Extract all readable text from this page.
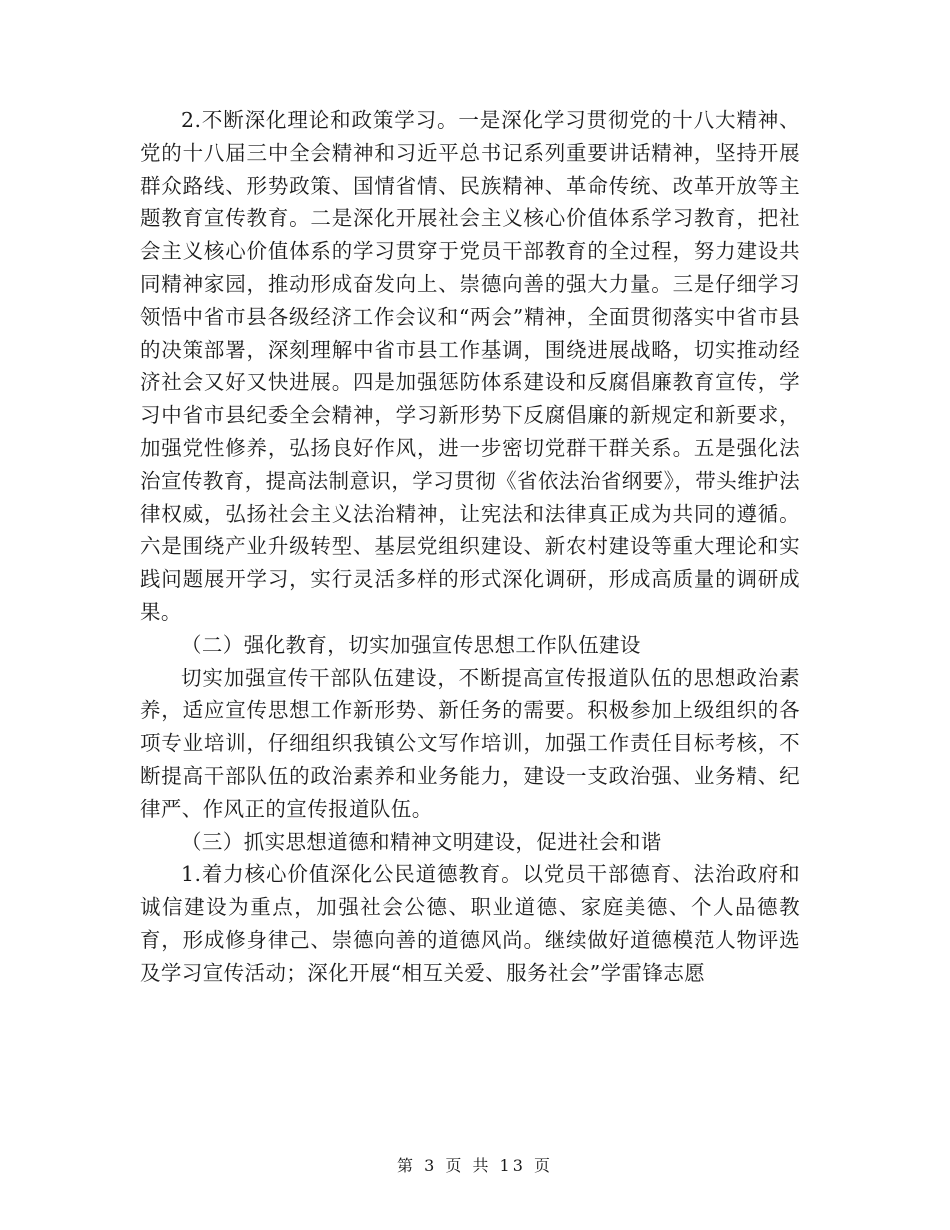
2.不断深化理论和政策学习。一是深化学习贯彻党的十八大精神、党的十八届三中全会精神和习近平总书记系列重要讲话精神，坚持开展群众路线、形势政策、国情省情、民族精神、革命传统、改革开放等主题教育宣传教育。二是深化开展社会主义核心价值体系学习教育，把社会主义核心价值体系的学习贯穿于党员干部教育的全过程，努力建设共同精神家园，推动形成奋发向上、崇德向善的强大力量。三是仔细学习领悟中省市县各级经济工作会议和“两会”精神，全面贯彻落实中省市县的决策部署，深刻理解中省市县工作基调，围绕进展战略，切实推动经济社会又好又快进展。四是加强惩防体系建设和反腐倡廉教育宣传，学习中省市县纪委全会精神，学习新形势下反腐倡廉的新规定和新要求，加强党性修养，弘扬良好作风，进一步密切党群干群关系。五是强化法治宣传教育，提高法制意识，学习贯彻《省依法治省纲要》，带头维护法律权威，弘扬社会主义法治精神，让宪法和法律真正成为共同的遵循。六是围绕产业升级转型、基层党组织建设、新农村建设等重大理论和实践问题展开学习，实行灵活多样的形式深化调研，形成高质量的调研成果。

（二）强化教育，切实加强宣传思想工作队伍建设

切实加强宣传干部队伍建设，不断提高宣传报道队伍的思想政治素养，适应宣传思想工作新形势、新任务的需要。积极参加上级组织的各项专业培训，仔细组织我镇公文写作培训，加强工作责任目标考核，不断提高干部队伍的政治素养和业务能力，建设一支政治强、业务精、纪律严、作风正的宣传报道队伍。

（三）抓实思想道德和精神文明建设，促进社会和谐

1.着力核心价值深化公民道德教育。以党员干部德育、法治政府和诚信建设为重点，加强社会公德、职业道德、家庭美德、个人品德教育，形成修身律己、崇德向善的道德风尚。继续做好道德模范人物评选及学习宣传活动；深化开展“相互关爱、服务社会”学雷锋志愿

第 3 页 共 13 页
